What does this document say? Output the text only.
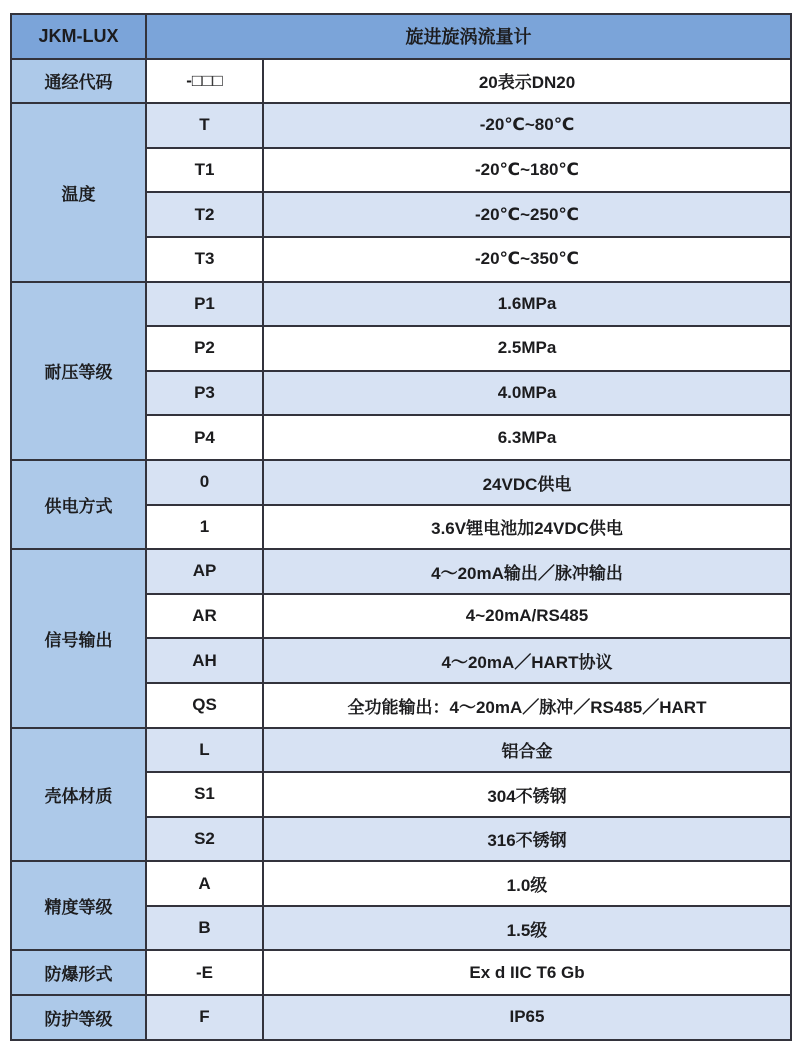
JKM-LUX	旋进旋涡流量计	
通经代码	-□□□	20表示DN20
温度	T	-20℃~80℃
	T1	-20℃~180℃
	T2	-20℃~250℃
	T3	-20℃~350℃
耐压等级	P1	1.6MPa
	P2	2.5MPa
	P3	4.0MPa
	P4	6.3MPa
供电方式	0	24VDC供电
	1	3.6V锂电池加24VDC供电
信号输出	AP	4～20mA输出／脉冲输出
	AR	4~20mA/RS485
	AH	4～20mA／HART协议
	QS	全功能输出：4～20mA／脉冲／RS485／HART
壳体材质	L	铝合金
	S1	304不锈钢
	S2	316不锈钢
精度等级	A	1.0级
	B	1.5级
防爆形式	-E	Ex d IIC T6 Gb
防护等级	F	IP65
